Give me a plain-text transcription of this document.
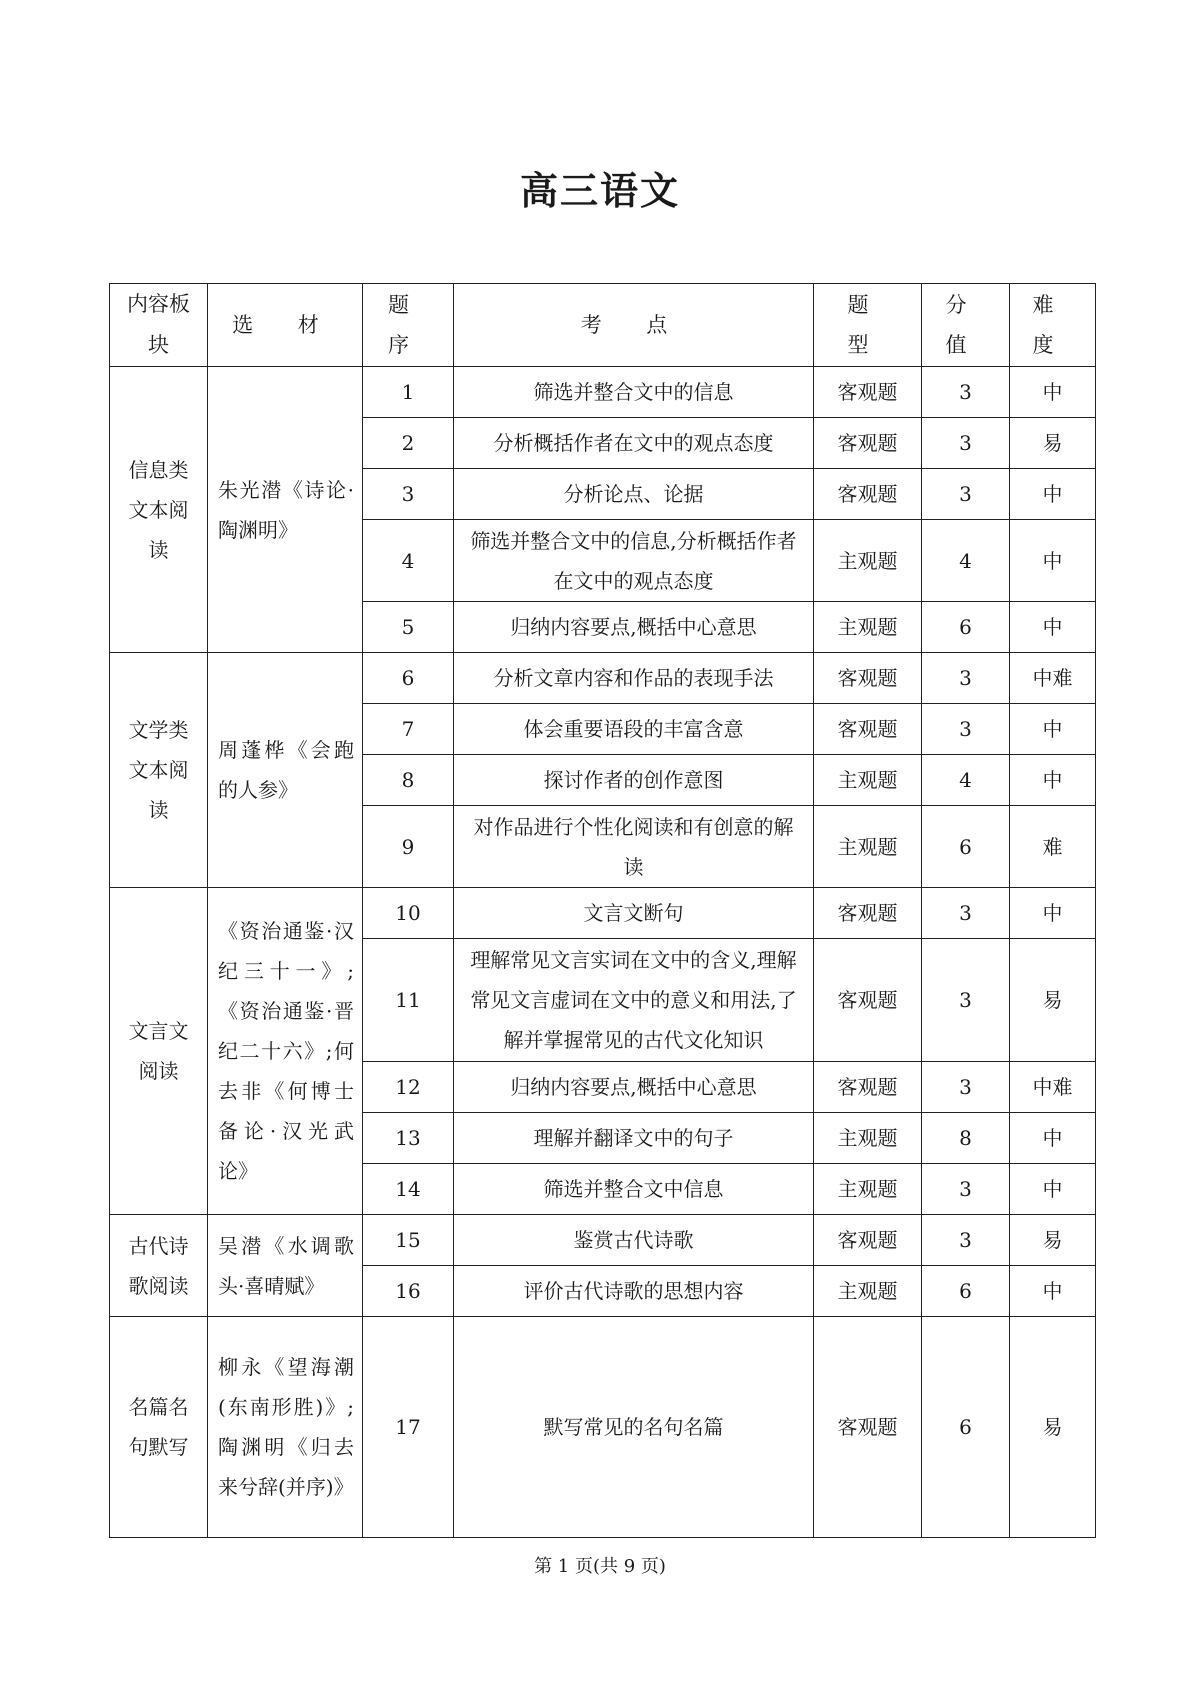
高三语文
内容板块	选 材	题 序	考 点	题 型	分 值	难 度
信息类文本阅读	朱光潜《诗论·陶渊明》	1	筛选并整合文中的信息	客观题	3	中
		2	分析概括作者在文中的观点态度	客观题	3	易
		3	分析论点、论据	客观题	3	中
		4	筛选并整合文中的信息,分析概括作者在文中的观点态度	主观题	4	中
		5	归纳内容要点,概括中心意思	主观题	6	中
文学类文本阅读	周蓬桦《会跑的人参》	6	分析文章内容和作品的表现手法	客观题	3	中难
		7	体会重要语段的丰富含意	客观题	3	中
		8	探讨作者的创作意图	主观题	4	中
		9	对作品进行个性化阅读和有创意的解读	主观题	6	难
文言文阅读	《资治通鉴·汉纪三十一》;《资治通鉴·晋纪二十六》;何去非《何博士备论·汉光武论》	10	文言文断句	客观题	3	中
		11	理解常见文言实词在文中的含义,理解常见文言虚词在文中的意义和用法,了解并掌握常见的古代文化知识	客观题	3	易
		12	归纳内容要点,概括中心意思	客观题	3	中难
		13	理解并翻译文中的句子	主观题	8	中
		14	筛选并整合文中信息	主观题	3	中
古代诗歌阅读	吴潜《水调歌头·喜晴赋》	15	鉴赏古代诗歌	客观题	3	易
		16	评价古代诗歌的思想内容	主观题	6	中
名篇名句默写	柳永《望海潮(东南形胜)》;陶渊明《归去来兮辞(并序)》	17	默写常见的名句名篇	客观题	6	易
第 1 页(共 9 页)
